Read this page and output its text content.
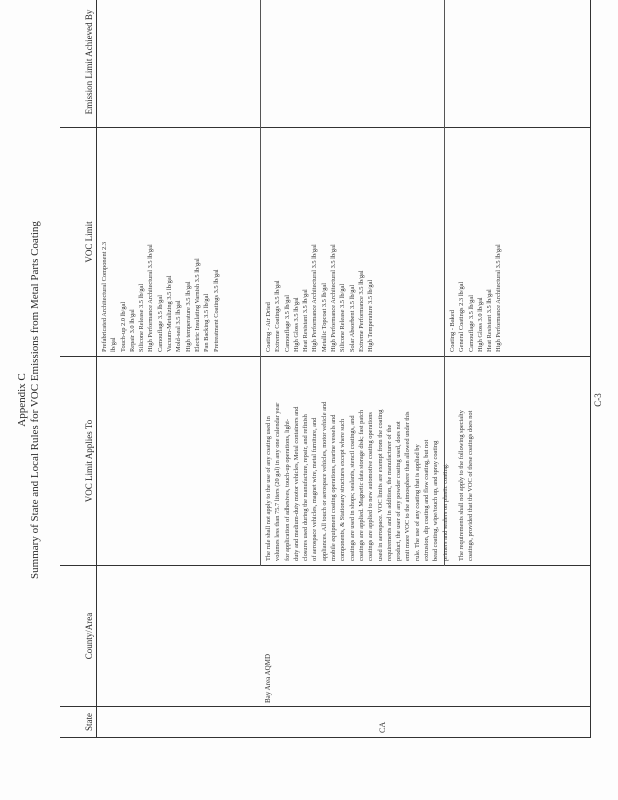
Appendix C Summary of State and Local Rules for VOC Emissions from Metal Parts Coating
State
County/Area
VOC Limit Applies To
VOC Limit
Emission Limit Achieved By
CA
Bay Area AQMD
The rule shall not apply to the use of any coating used in volumes less than 75.7 liters (20 gal) in any one calendar year for application of adhesives, touch-up operations, light- duty and medium-duty motor vehicles, Metal containers and closures used during the manufacture, repair, and refinish of aerospace vehicles, magnet wire, metal furniture, and appliances. All touch or aerospace vehicles, motor vehicle and mobile equipment coating operations, marine vessels and components, & Stationary structures except where such coatings are used in shops; sealants, stencil coatings, and coatings are applied. Magnetic data storage disk; fast patch coatings are applied to new automotive coating operations used in aerospace. VOC limits are exempt from the coating requirements and in addition, the manufacturer of the product, the user of any powder coating used, does not emit more VOC to the atmosphere than allowed under this rule. The use of any coating that is applied by extrusion, dip coating and flow coating, but not bead coating, wipe/touch up, and spray coating primers and sealers on plastic coating. The requirements shall not apply to the following specialty coatings, provided that the VOC of these coatings does not
Prefabricated Architectural Component 2.3 lb/gal Touch-up 2.0 lb/gal Repair 3.0 lb/gal Silicone Release 3.5 lb/gal High Performance Architectural 3.5 lb/gal Camouflage 3.5 lb/gal Vacuum-Metalizing 3.5 lb/gal Mold-seal 3.5 lb/gal High temperature 3.5 lb/gal Electric Insulating Varnish 3.5 lb/gal Pan Backing 3.5 lb/gal Pretreatment Coatings 3.5 lb/gal	Coating - Air Dried Extreme Coatings 3.5 lb/gal Camouflage 3.5 lb/gal High Gloss 3.5 lb/gal Heat Resistant 3.5 lb/gal High Performance Architectural 3.5 lb/gal Metallic Topcoat 3.5 lb/gal High Performance Architectural 3.5 lb/gal Silicone Release 3.5 lb/gal Solar Absorbent 3.5 lb/gal Extreme Performance 3.5 lb/gal High Temperature 3.5 lb/gal	Coating - Baked General Coatings 2.3 lb/gal Camouflage 3.5 lb/gal High Gloss 3.0 lb/gal Heat Resistant 3.5 lb/gal High Performance Architectural 3.5 lb/gal
C-3
